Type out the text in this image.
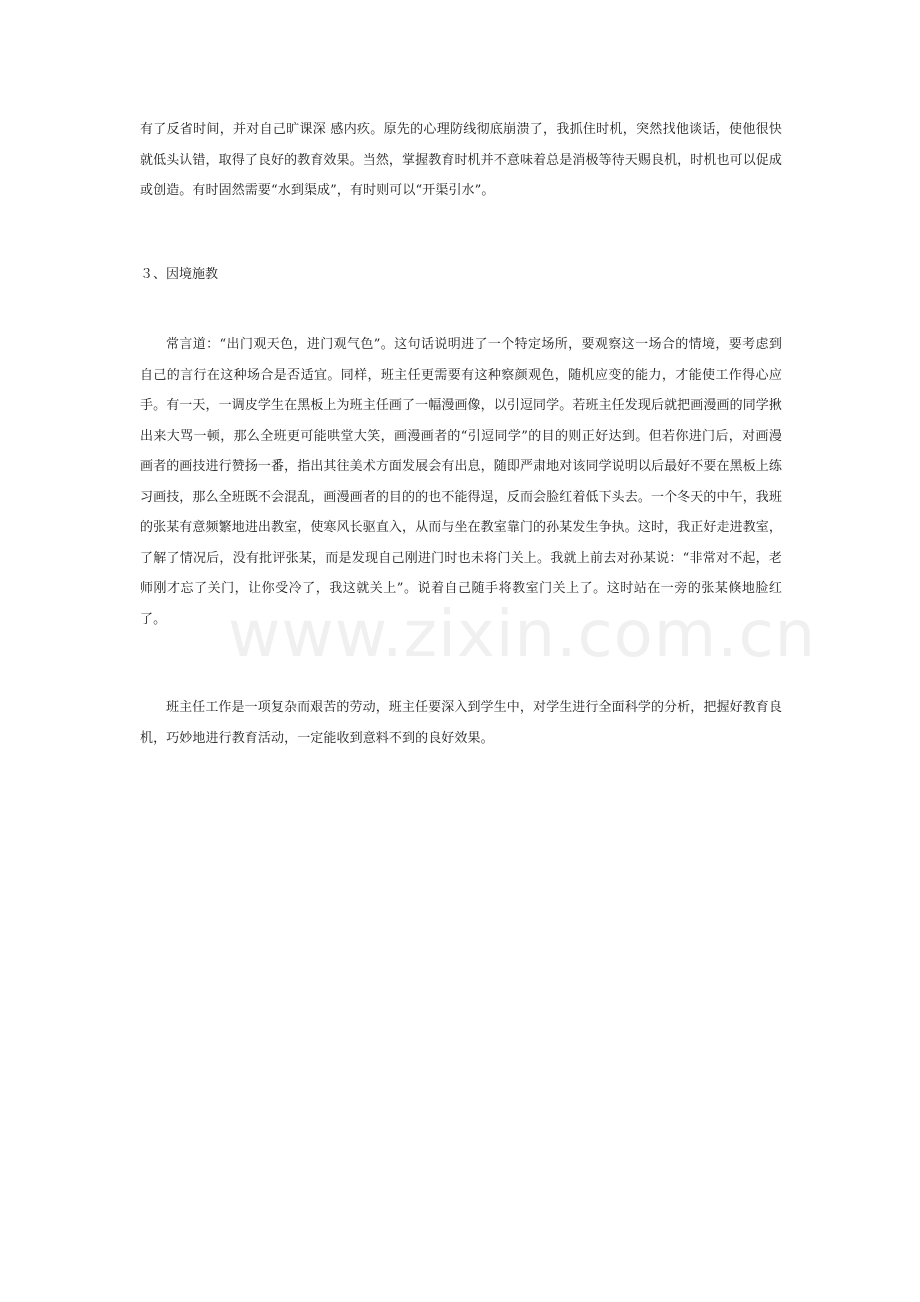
有了反省时间，并对自己旷课深 感内疚。原先的心理防线彻底崩溃了，我抓住时机，突然找他谈话，使他很快就低头认错，取得了良好的教育效果。当然，掌握教育时机并不意味着总是消极等待天赐良机，时机也可以促成或创造。有时固然需要“水到渠成”，有时则可以“开渠引水”。

３、因境施教

常言道：“出门观天色，进门观气色”。这句话说明进了一个特定场所，要观察这一场合的情境，要考虑到自己的言行在这种场合是否适宜。同样，班主任更需要有这种察颜观色，随机应变的能力，才能使工作得心应手。有一天，一调皮学生在黑板上为班主任画了一幅漫画像，以引逗同学。若班主任发现后就把画漫画的同学揪出来大骂一顿，那么全班更可能哄堂大笑，画漫画者的“引逗同学”的目的则正好达到。但若你进门后，对画漫画者的画技进行赞扬一番，指出其往美术方面发展会有出息，随即严肃地对该同学说明以后最好不要在黑板上练习画技，那么全班既不会混乱，画漫画者的目的的也不能得逞，反而会脸红着低下头去。一个冬天的中午，我班的张某有意频繁地进出教室，使寒风长驱直入，从而与坐在教室靠门的孙某发生争执。这时，我正好走进教室，了解了情况后，没有批评张某，而是发现自己刚进门时也未将门关上。我就上前去对孙某说：“非常对不起，老师刚才忘了关门，让你受冷了，我这就关上”。说着自己随手将教室门关上了。这时站在一旁的张某倏地脸红了。

班主任工作是一项复杂而艰苦的劳动，班主任要深入到学生中，对学生进行全面科学的分析，把握好教育良机，巧妙地进行教育活动，一定能收到意料不到的良好效果。

www.zixin.com.cn
